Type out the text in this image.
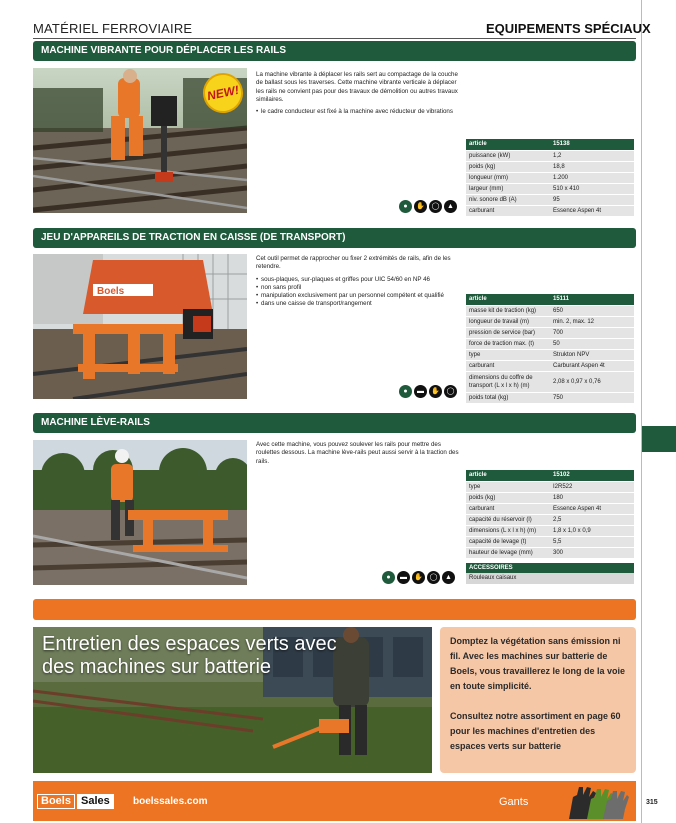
MATÉRIEL FERROVIAIRE	EQUIPEMENTS SPÉCIAUX
MACHINE VIBRANTE POUR DÉPLACER LES RAILS
NEW!

La machine vibrante à déplacer les rails sert au compactage de la couche de ballast sous les traverses. Cette machine vibrante verticale à déplacer les rails ne convient pas pour des travaux de démolition ou autres travaux similaires.

• le cadre conducteur est fixé à la machine avec réducteur de vibrations
article	15138
puissance (kW)	1,2
poids (kg)	18,8
longueur (mm)	1.200
largeur (mm)	510 x 410
niv. sonore dB (A)	95
carburant	Essence Aspen 4t
●	✋ ◯	▲
JEU D'APPAREILS DE TRACTION EN CAISSE (DE TRANSPORT)
Boels

Cet outil permet de rapprocher ou fixer 2 extrémités de rails, afin de les retendre.

• sous-plaques, sur-plaques et griffes pour UIC 54/60 en NP 46
• non sans profil
• manipulation exclusivement par un personnel compétent et qualifié
• dans une caisse de transport/rangement
article	15111
masse kit de traction (kg)	650
longueur de travail (m)	min. 2, max. 12
pression de service (bar)	700
force de traction max. (t)	50
type	Strukton NPV
carburant	Carburant Aspen 4t
dimensions du coffre de transport (L x l x h) (m)	2,08 x 0,97 x 0,76
poids total (kg)	750
●	▬	✋ ◯
MACHINE LÈVE-RAILS

Avec cette machine, vous pouvez soulever les rails pour mettre des roulettes dessous. La machine lève-rails peut aussi servir à la traction des rails.

article	15102
type	I2R522
poids (kg)	180
carburant	Essence Aspen 4t
capacité du réservoir (l)	2,5
dimensions (L x l x h) (m)	1,8 x 1,0 x 0,9
capacité de levage (t)	5,5
hauteur de levage (mm)	300
ACCESSOIRES
Rouleaux caisaux
●	▬	✋ ◯	▲
Entretien des espaces verts avec
des machines sur batterie

Domptez la végétation sans émission ni fil. Avec les machines sur batterie de Boels, vous travaillerez le long de la voie en toute simplicité.

Consultez notre assortiment en page 60 pour les machines d'entretien des espaces verts sur batterie

Boels Sales	boelssales.com	Gants	315
